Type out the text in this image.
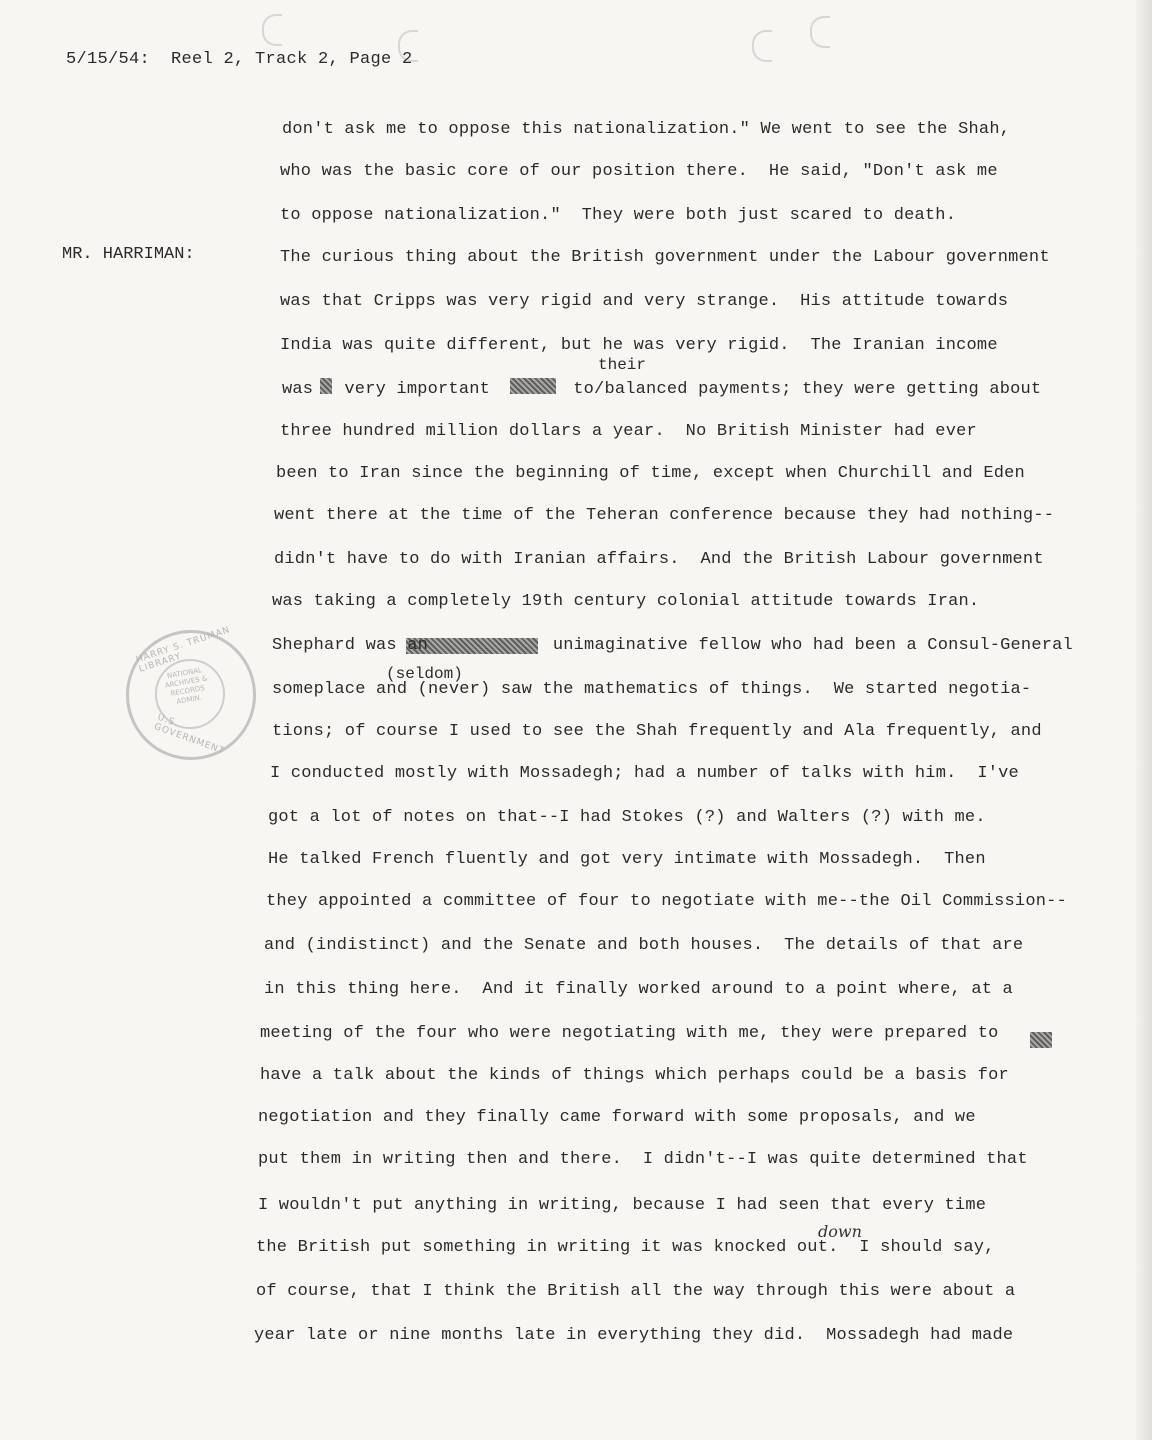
5/15/54:  Reel 2, Track 2, Page 2
MR. HARRIMAN:
HARRY S. TRUMAN LIBRARY
NATIONAL ARCHIVES & RECORDS ADMIN.
U.S. GOVERNMENT
their
(seldom)
down
don't ask me to oppose this nationalization." We went to see the Shah,
who was the basic core of our position there.  He said, "Don't ask me
to oppose nationalization."  They were both just scared to death.
The curious thing about the British government under the Labour government
was that Cripps was very rigid and very strange.  His attitude towards
India was quite different, but he was very rigid.  The Iranian income
was   very important        to/balanced payments; they were getting about
three hundred million dollars a year.  No British Minister had ever
been to Iran since the beginning of time, except when Churchill and Eden
went there at the time of the Teheran conference because they had nothing--
didn't have to do with Iranian affairs.  And the British Labour government
was taking a completely 19th century colonial attitude towards Iran.
Shephard was an            unimaginative fellow who had been a Consul-General
someplace and (never) saw the mathematics of things.  We started negotia-
tions; of course I used to see the Shah frequently and Ala frequently, and
I conducted mostly with Mossadegh; had a number of talks with him.  I've
got a lot of notes on that--I had Stokes (?) and Walters (?) with me.
He talked French fluently and got very intimate with Mossadegh.  Then
they appointed a committee of four to negotiate with me--the Oil Commission--
and (indistinct) and the Senate and both houses.  The details of that are
in this thing here.  And it finally worked around to a point where, at a
meeting of the four who were negotiating with me, they were prepared to
have a talk about the kinds of things which perhaps could be a basis for
negotiation and they finally came forward with some proposals, and we
put them in writing then and there.  I didn't--I was quite determined that
I wouldn't put anything in writing, because I had seen that every time
the British put something in writing it was knocked out.  I should say,
of course, that I think the British all the way through this were about a
year late or nine months late in everything they did.  Mossadegh had made
